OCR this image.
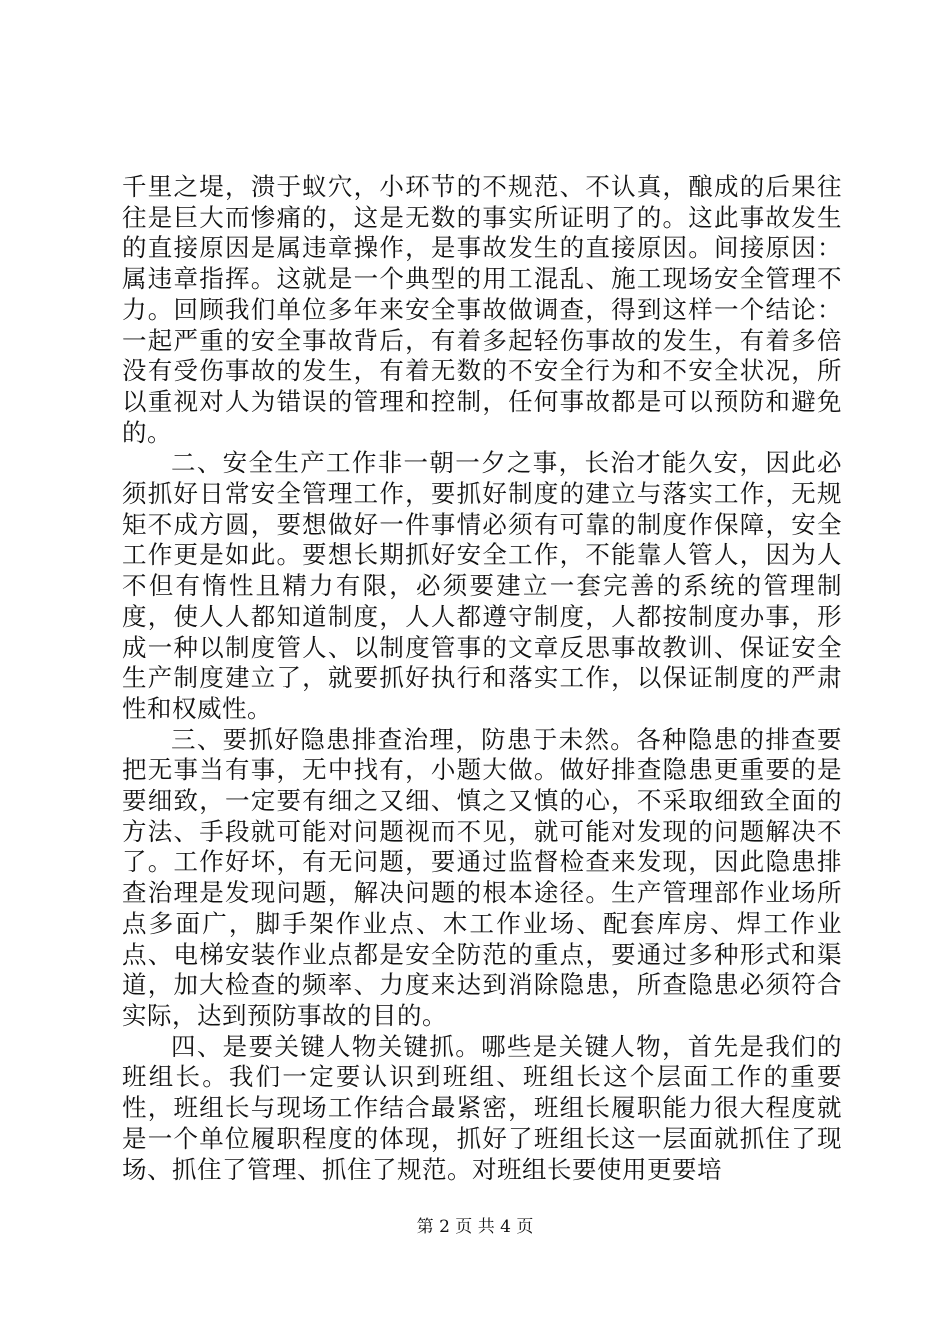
千里之堤，溃于蚁穴，小环节的不规范、不认真，酿成的后果往往是巨大而惨痛的，这是无数的事实所证明了的。这此事故发生的直接原因是属违章操作，是事故发生的直接原因。间接原因：属违章指挥。这就是一个典型的用工混乱、施工现场安全管理不力。回顾我们单位多年来安全事故做调查，得到这样一个结论：一起严重的安全事故背后，有着多起轻伤事故的发生，有着多倍没有受伤事故的发生，有着无数的不安全行为和不安全状况，所以重视对人为错误的管理和控制，任何事故都是可以预防和避免的。

二、安全生产工作非一朝一夕之事，长治才能久安，因此必须抓好日常安全管理工作，要抓好制度的建立与落实工作，无规矩不成方圆，要想做好一件事情必须有可靠的制度作保障，安全工作更是如此。要想长期抓好安全工作，不能靠人管人，因为人不但有惰性且精力有限，必须要建立一套完善的系统的管理制度，使人人都知道制度，人人都遵守制度，人都按制度办事，形成一种以制度管人、以制度管事的文章反思事故教训、保证安全生产制度建立了，就要抓好执行和落实工作，以保证制度的严肃性和权威性。

三、要抓好隐患排查治理，防患于未然。各种隐患的排查要把无事当有事，无中找有，小题大做。做好排查隐患更重要的是要细致，一定要有细之又细、慎之又慎的心，不采取细致全面的方法、手段就可能对问题视而不见，就可能对发现的问题解决不了。工作好坏，有无问题，要通过监督检查来发现，因此隐患排查治理是发现问题，解决问题的根本途径。生产管理部作业场所点多面广，脚手架作业点、木工作业场、配套库房、焊工作业点、电梯安装作业点都是安全防范的重点，要通过多种形式和渠道，加大检查的频率、力度来达到消除隐患，所查隐患必须符合实际，达到预防事故的目的。

四、是要关键人物关键抓。哪些是关键人物，首先是我们的班组长。我们一定要认识到班组、班组长这个层面工作的重要性，班组长与现场工作结合最紧密，班组长履职能力很大程度就是一个单位履职程度的体现，抓好了班组长这一层面就抓住了现场、抓住了管理、抓住了规范。对班组长要使用更要培

第 2 页 共 4 页
